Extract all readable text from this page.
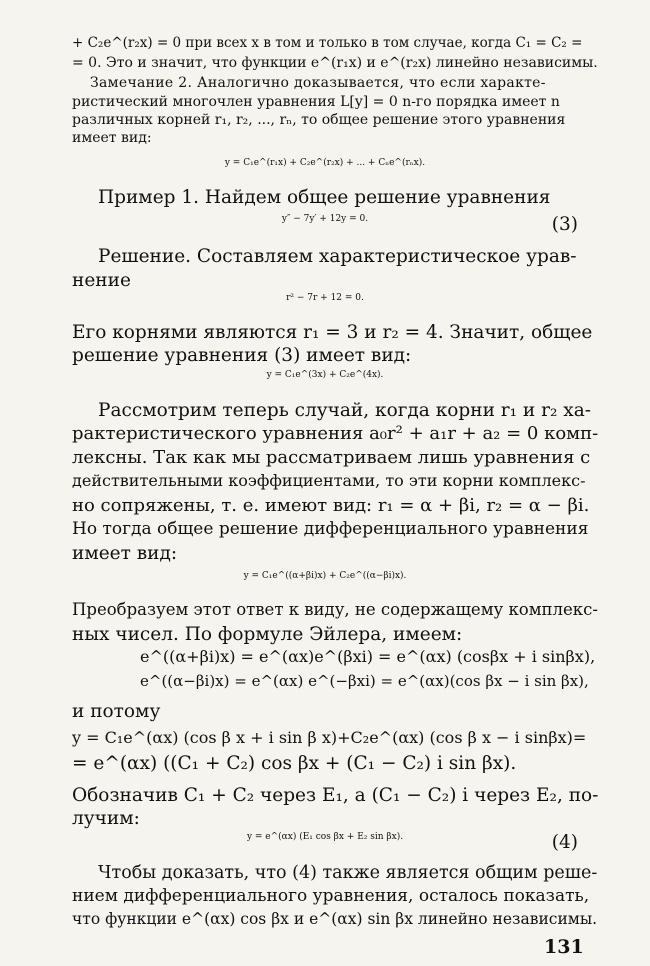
+ C₂e^(r₂x) = 0 при всех x в том и только в том случае, когда C₁ = C₂ =
= 0. Это и значит, что функции e^(r₁x) и e^(r₂x) линейно независимы.
Замечание 2. Аналогично доказывается, что если характе-
ристический многочлен уравнения L[y] = 0 n-го порядка имеет n
различных корней r₁, r₂, ..., rₙ, то общее решение этого уравнения
имеет вид:
y = C₁e^(r₁x) + C₂e^(r₂x) + ... + Cₙe^(rₙx).
Пример 1. Найдем общее решение уравнения
y″ − 7y′ + 12y = 0.	(3)
Решение. Составляем характеристическое урав-
нение
r² − 7r + 12 = 0.
Его корнями являются r₁ = 3 и r₂ = 4. Значит, общее
решение уравнения (3) имеет вид:
y = C₁e^(3x) + C₂e^(4x).
Рассмотрим теперь случай, когда корни r₁ и r₂ ха-
рактеристического уравнения a₀r² + a₁r + a₂ = 0 комп-
лексны. Так как мы рассматриваем лишь уравнения с
действительными коэффициентами, то эти корни комплекс-
но сопряжены, т. е. имеют вид: r₁ = α + βi, r₂ = α − βi.
Но тогда общее решение дифференциального уравнения
имеет вид:
y = C₁e^((α+βi)x) + C₂e^((α−βi)x).
Преобразуем этот ответ к виду, не содержащему комплекс-
ных чисел. По формуле Эйлера, имеем:
e^((α+βi)x) = e^(αx)e^(βxi) = e^(αx) (cosβx + i sinβx),
e^((α−βi)x) = e^(αx) e^(−βxi) = e^(αx)(cos βx − i sin βx),
и потому
y = C₁e^(αx) (cos β x + i sin β x)+C₂e^(αx) (cos β x − i sinβx)=
= e^(αx) ((C₁ + C₂) cos βx + (C₁ − C₂) i sin βx).
Обозначив C₁ + C₂ через E₁, а (C₁ − C₂) i через E₂, по-
лучим:
y = e^(αx) (E₁ cos βx + E₂ sin βx).	(4)
Чтобы доказать, что (4) также является общим реше-
нием дифференциального уравнения, осталось показать,
что функции e^(αx) cos βx и e^(αx) sin βx линейно независимы.
131
